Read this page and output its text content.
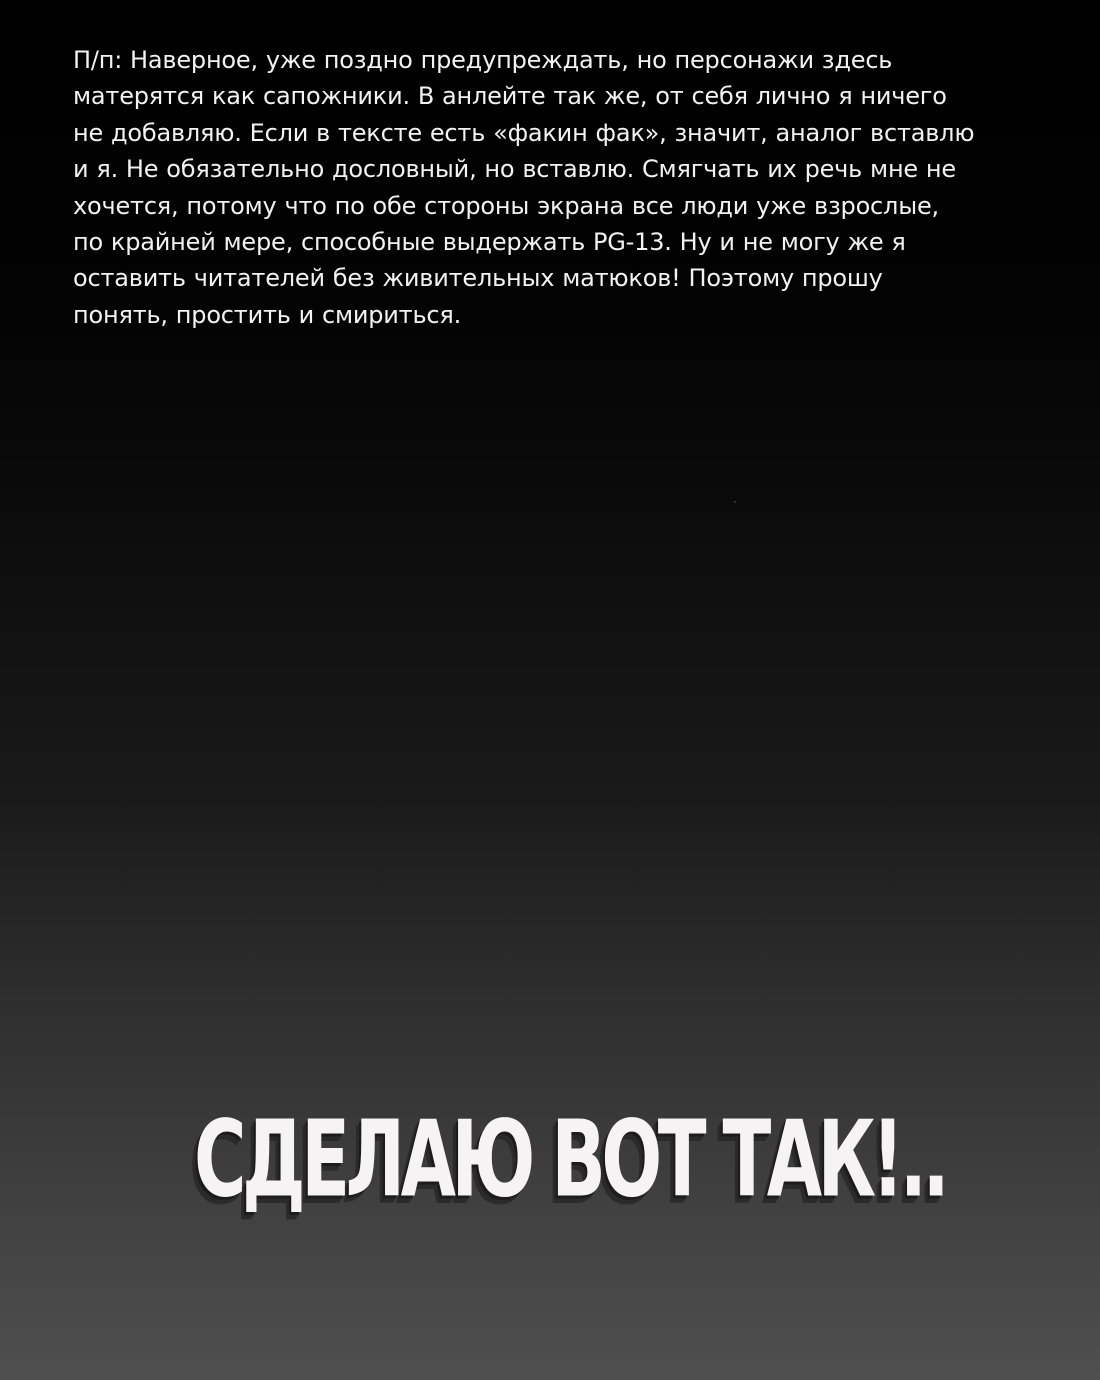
П/п: Наверное, уже поздно предупреждать, но персонажи здесь
матерятся как сапожники. В анлейте так же, от себя лично я ничего
не добавляю. Если в тексте есть «факин фак», значит, аналог вставлю
и я. Не обязательно дословный, но вставлю. Смягчать их речь мне не
хочется, потому что по обе стороны экрана все люди уже взрослые,
по крайней мере, способные выдержать PG-13. Ну и не могу же я
оставить читателей без живительных матюков! Поэтому прошу
понять, простить и смириться.

СДЕЛАЮ ВОТ ТАК!..
